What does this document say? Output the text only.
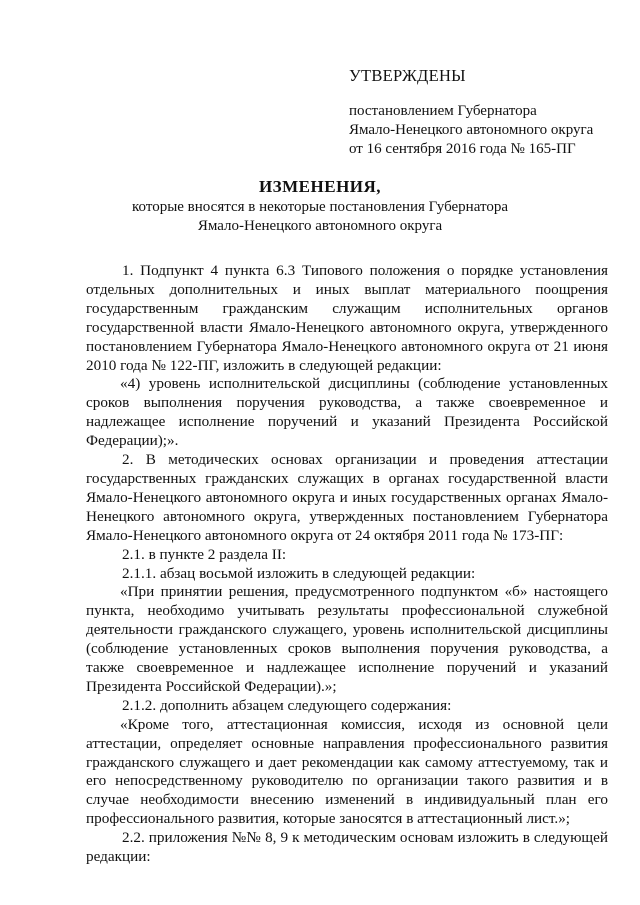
УТВЕРЖДЕНЫ
постановлением Губернатора
Ямало-Ненецкого автономного округа
от 16 сентября 2016 года № 165-ПГ
ИЗМЕНЕНИЯ,
которые вносятся в некоторые постановления Губернатора
Ямало-Ненецкого автономного округа

1. Подпункт 4 пункта 6.3 Типового положения о порядке установления отдельных дополнительных и иных выплат материального поощрения государственным гражданским служащим исполнительных органов государственной власти Ямало-Ненецкого автономного округа, утвержденного постановлением Губернатора Ямало-Ненецкого автономного округа от 21 июня 2010 года № 122-ПГ, изложить в следующей редакции:

«4) уровень исполнительской дисциплины (соблюдение установленных сроков выполнения поручения руководства, а также своевременное и надлежащее исполнение поручений и указаний Президента Российской Федерации);».

2. В методических основах организации и проведения аттестации государственных гражданских служащих в органах государственной власти Ямало-Ненецкого автономного округа и иных государственных органах Ямало-Ненецкого автономного округа, утвержденных постановлением Губернатора Ямало-Ненецкого автономного округа от 24 октября 2011 года № 173-ПГ:

2.1. в пункте 2 раздела II:

2.1.1. абзац восьмой изложить в следующей редакции:

«При принятии решения, предусмотренного подпунктом «б» настоящего пункта, необходимо учитывать результаты профессиональной служебной деятельности гражданского служащего, уровень исполнительской дисциплины (соблюдение установленных сроков выполнения поручения руководства, а также своевременное и надлежащее исполнение поручений и указаний Президента Российской Федерации).»;

2.1.2. дополнить абзацем следующего содержания:

«Кроме того, аттестационная комиссия, исходя из основной цели аттестации, определяет основные направления профессионального развития гражданского служащего и дает рекомендации как самому аттестуемому, так и его непосредственному руководителю по организации такого развития и в случае необходимости внесению изменений в индивидуальный план его профессионального развития, которые заносятся в аттестационный лист.»;

2.2. приложения №№ 8, 9 к методическим основам изложить в следующей редакции:
